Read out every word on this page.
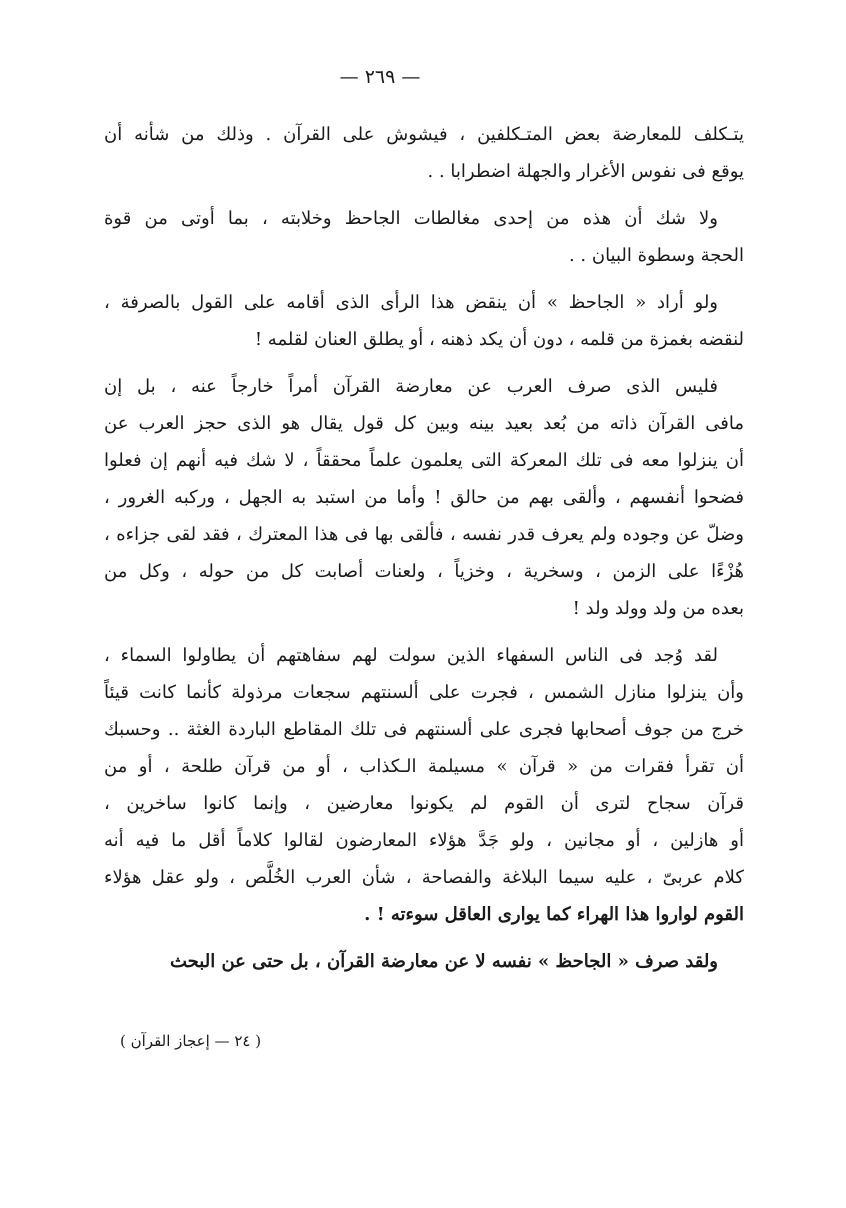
— ٢٦٩ —
يتـكلف للمعارضة بعض المتـكلفين ، فيشوش على القرآن . وذلك من شأنه أن
يوقع فى نفوس الأغرار والجهلة اضطرابا . .
ولا شك أن هذه من إحدى مغالطات الجاحظ وخلابته ، بما أوتى من قوة
الحجة وسطوة البيان . .
ولو أراد « الجاحظ » أن ينقض هذا الرأى الذى أقامه على القول بالصرفة ،
لنقضه بغمزة من قلمه ، دون أن يكد ذهنه ، أو يطلق العنان لقلمه !
فليس الذى صرف العرب عن معارضة القرآن أمراً خارجاً عنه ، بل إن
مافى القرآن ذاته من بُعد بعيد بينه وبين كل قول يقال هو الذى حجز العرب عن
أن ينزلوا معه فى تلك المعركة التى يعلمون علماً محققاً ، لا شك فيه أنهم إن فعلوا
فضحوا أنفسهم ، وألقى بهم من حالق ! وأما من استبد به الجهل ، وركبه الغرور ،
وضلّ عن وجوده ولم يعرف قدر نفسه ، فألقى بها فى هذا المعترك ، فقد لقى جزاءه ،
هُزْءًا على الزمن ، وسخرية ، وخزياً ، ولعنات أصابت كل من حوله ، وكل من
بعده من ولد وولد ولد !
لقد وُجد فى الناس السفهاء الذين سولت لهم سفاهتهم أن يطاولوا السماء ،
وأن ينزلوا منازل الشمس ، فجرت على ألسنتهم سجعات مرذولة كأنما كانت قيئاً
خرج من جوف أصحابها فجرى على ألسنتهم فى تلك المقاطع الباردة الغثة .. وحسبك
أن تقرأ فقرات من « قرآن » مسيلمة الـكذاب ، أو من قرآن طلحة ، أو من
قرآن سجاح لترى أن القوم لم يكونوا معارضين ، وإنما كانوا ساخرين ،
أو هازلين ، أو مجانين ، ولو جَدَّ هؤلاء المعارضون لقالوا كلاماً أقل ما فيه أنه
كلام عربىّ ، عليه سيما البلاغة والفصاحة ، شأن العرب الخُلَّص ، ولو عقل هؤلاء
القوم لواروا هذا الهراء كما يوارى العاقل سوءته ! .
ولقد صرف « الجاحظ » نفسه لا عن معارضة القرآن ، بل حتى عن البحث
( ٢٤ — إعجاز القرآن )
